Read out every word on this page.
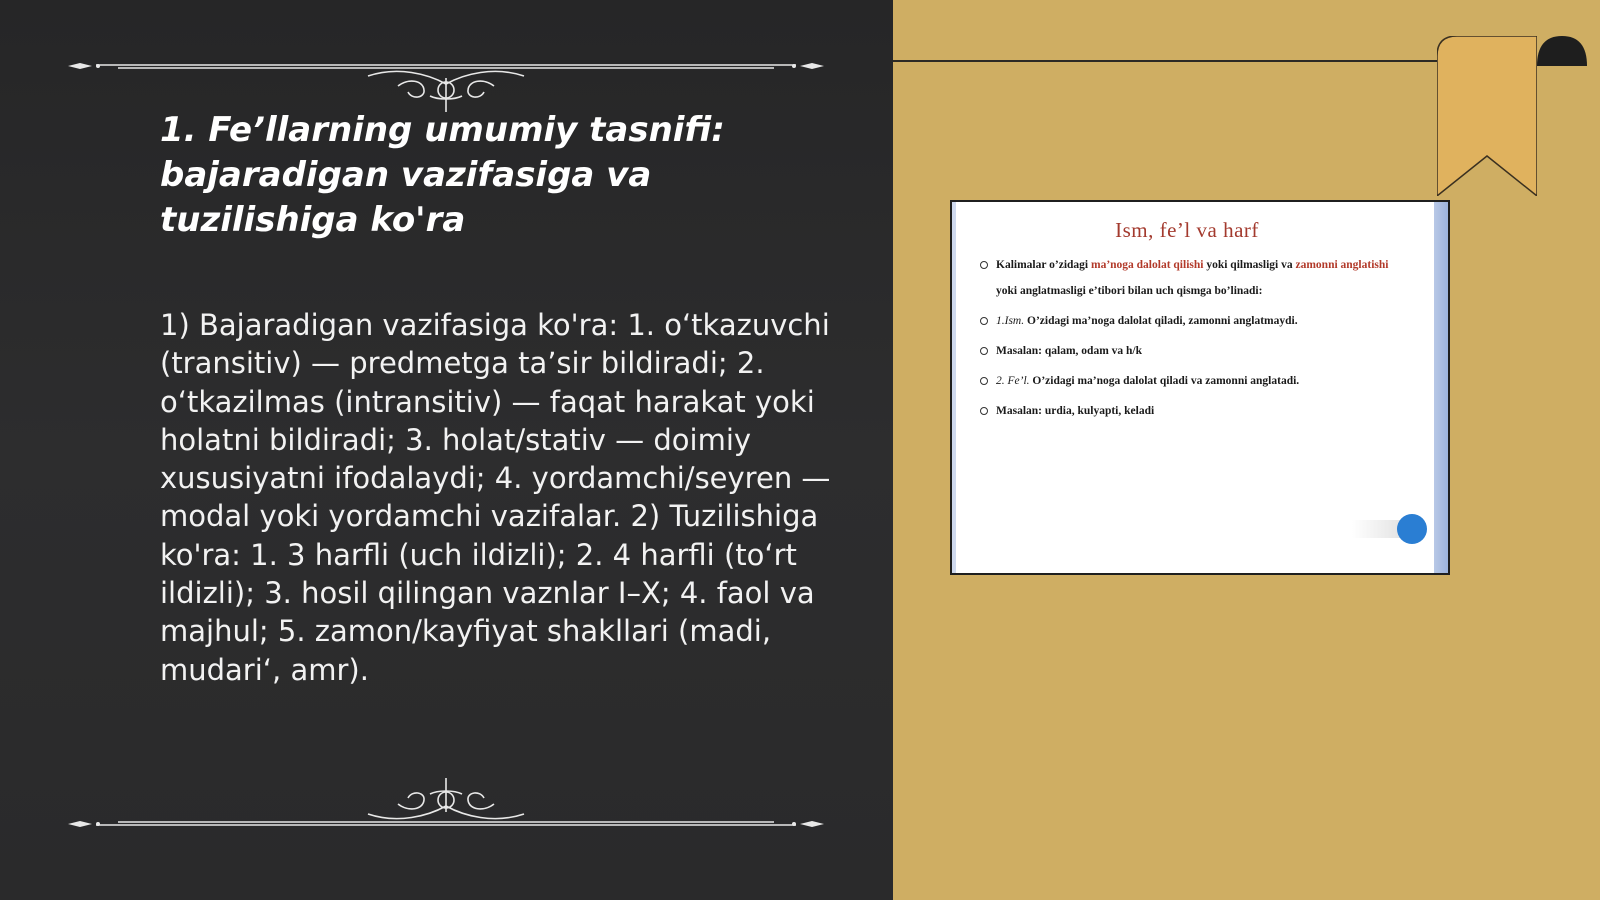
1. Fe’llarning umumiy tasnifi: bajaradigan vazifasiga va tuzilishiga ko'ra

1) Bajaradigan vazifasiga ko'ra: 1. o‘tkazuvchi (transitiv) — predmetga ta’sir bildiradi; 2. o‘tkazilmas (intransitiv) — faqat harakat yoki holatni bildiradi; 3. holat/stativ — doimiy xususiyatni ifodalaydi; 4. yordamchi/seyren — modal yoki yordamchi vazifalar. 2) Tuzilishiga ko'ra: 1. 3 harfli (uch ildizli); 2. 4 harfli (to‘rt ildizli); 3. hosil qilingan vaznlar I–X; 4. faol va majhul; 5. zamon/kayfiyat shakllari (madi, mudari‘, amr).

Ism, fe’l va harf
Kalimalar o’zidagi ma’noga dalolat qilishi yoki qilmasligi va zamonni anglatishi yoki anglatmasligi e’tibori bilan uch qismga bo’linadi:
1.Ism. O’zidagi ma’noga dalolat qiladi, zamonni anglatmaydi.
Masalan: qalam, odam va h/k
2. Fe’l. O’zidagi ma’noga dalolat qiladi va zamonni anglatadi.
Masalan: urdia, kulyapti, keladi
